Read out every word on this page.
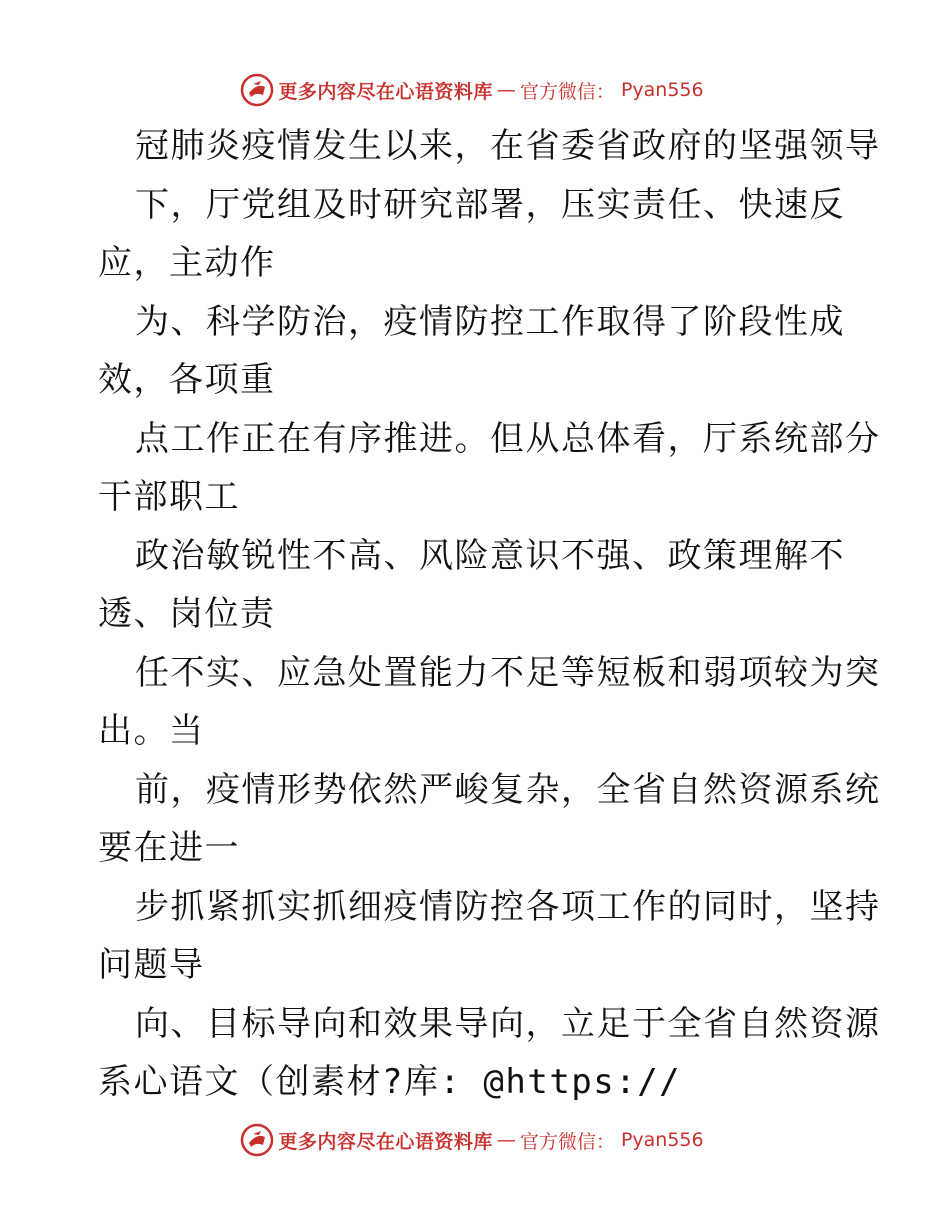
更多内容尽在心语资料库 — 官方微信： Pyan556
冠肺炎疫情发生以来，在省委省政府的坚强领导
下，厅党组及时研究部署，压实责任、快速反
应，主动作
为、科学防治，疫情防控工作取得了阶段性成
效，各项重
点工作正在有序推进。但从总体看，厅系统部分
干部职工
政治敏锐性不高、风险意识不强、政策理解不
透、岗位责
任不实、应急处置能力不足等短板和弱项较为突
出。当
前，疫情形势依然严峻复杂，全省自然资源系统
要在进一
步抓紧抓实抓细疫情防控各项工作的同时，坚持
问题导
向、目标导向和效果导向，立足于全省自然资源
系心语文（创素材?库: @https://
更多内容尽在心语资料库 — 官方微信： Pyan556
